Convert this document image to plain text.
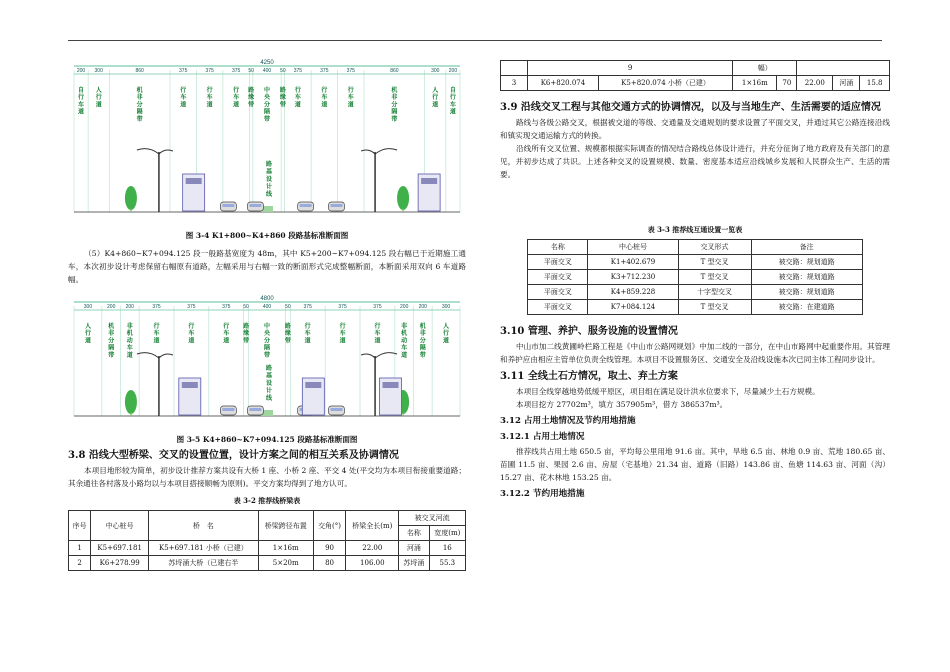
4250
200
自
行
车
道
300
人
行
道
860
机
非
分
隔
带
375
行
车
道
375
行
车
道
375
行
车
道
50
路
缘
带
400
中
央
分
隔
带
50
路
缘
带
375
行
车
道
375
行
车
道
375
行
车
道
860
机
非
分
隔
带
300
人
行
道
200
自
行
车
道
路
基
设
计
线
图 3-4 K1+800~K4+860 段路基标准断面图

（5）K4+860~K7+094.125 段一般路基宽度为 48m，其中 K5+200~K7+094.125 段右幅已于近期施工通车，本次初步设计考虑保留右幅原有道路，左幅采用与右幅一致的断面形式完成整幅断面，本断面采用双向 6 车道路幅。

4800
300
人
行
道
200
机
非
分
隔
带
200
非
机
动
车
道
375
行
车
道
375
行
车
道
375
行
车
道
50
路
缘
带
400
中
央
分
隔
带
50
路
缘
带
375
行
车
道
375
行
车
道
375
行
车
道
200
非
机
动
车
道
200
机
非
分
隔
带
300
人
行
道
路
基
设
计
线
图 3-5 K4+860~K7+094.125 段路基标准断面图
3.8 沿线大型桥梁、交叉的设置位置，设计方案之间的相互关系及协调情况

本项目地形较为简单，初步设计推荐方案共设有大桥 1 座、小桥 2 座、平交 4 处(平交均为本项目衔接重要道路；其余通往各村落及小路均以与本项目搭接顺畅为原则)。平交方案均得到了地方认可。

表 3-2 推荐线桥梁表
序号	中心桩号	桥　名	桥梁跨径布置	交角(°)	桥梁全长(m)	被交叉河流	
						名称	宽度(m)
1	K5+697.181	K5+697.181 小桥（已建）	1×16m	90	22.00	河涌	16
2	K6+278.99	苏埒涌大桥（已建右半	5×20m	80	106.00	苏埒涌	55.3
	9		幅）				
3	K6+820.074	K5+820.074 小桥（已建）	1×16m	70	22.00	河涌	15.8
3.9 沿线交叉工程与其他交通方式的协调情况，以及与当地生产、生活需要的适应情况

路线与各级公路交叉，根据被交道的等级、交通量及交通规划的要求设置了平面交叉，并通过其它公路连接沿线和镇实现交通运输方式的转换。

沿线所有交叉位置、规模都根据实际调查的情况结合路线总体设计进行，并充分征询了地方政府及有关部门的意见，并初步达成了共识。上述各种交叉的设置规模、数量、密度基本适应沿线城乡发展和人民群众生产、生活的需要。

表 3-3 推荐线互通设置一览表
名称	中心桩号	交叉形式	备注
平面交叉	K1+402.679	T 型交叉	被交路：规划道路
平面交叉	K3+712.230	T 型交叉	被交路：规划道路
平面交叉	K4+859.228	十字型交叉	被交路：规划道路
平面交叉	K7+084.124	T 型交叉	被交路：在建道路
3.10 管理、养护、服务设施的设置情况

中山市加二线黄圃岭栏路工程是《中山市公路网规划》中加二线的一部分，在中山市路网中起重要作用。其管理和养护应由相应主管单位负责全线管理。本项目不设置服务区、交通安全及沿线设施本次已同主体工程同步设计。

3.11 全线土石方情况，取土、弃土方案

本项目全线穿越地势低缓平原区，项目组在满足设计洪水位要求下，尽量减少土石方规模。

本项目挖方 27702m³，填方 357905m³，借方 386537m³。

3.12 占用土地情况及节约用地措施
3.12.1 占用土地情况

推荐线共占用土地 650.5 亩，平均每公里用地 91.6 亩。其中，旱地 6.5 亩、林地 0.9 亩、荒地 180.65 亩、苗圃 11.5 亩、果园 2.6 亩、房屋（宅基地）21.34 亩、道路（旧路）143.86 亩、鱼塘 114.63 亩、河面（沟）15.27 亩、花木林地 153.25 亩。

3.12.2 节约用地措施
